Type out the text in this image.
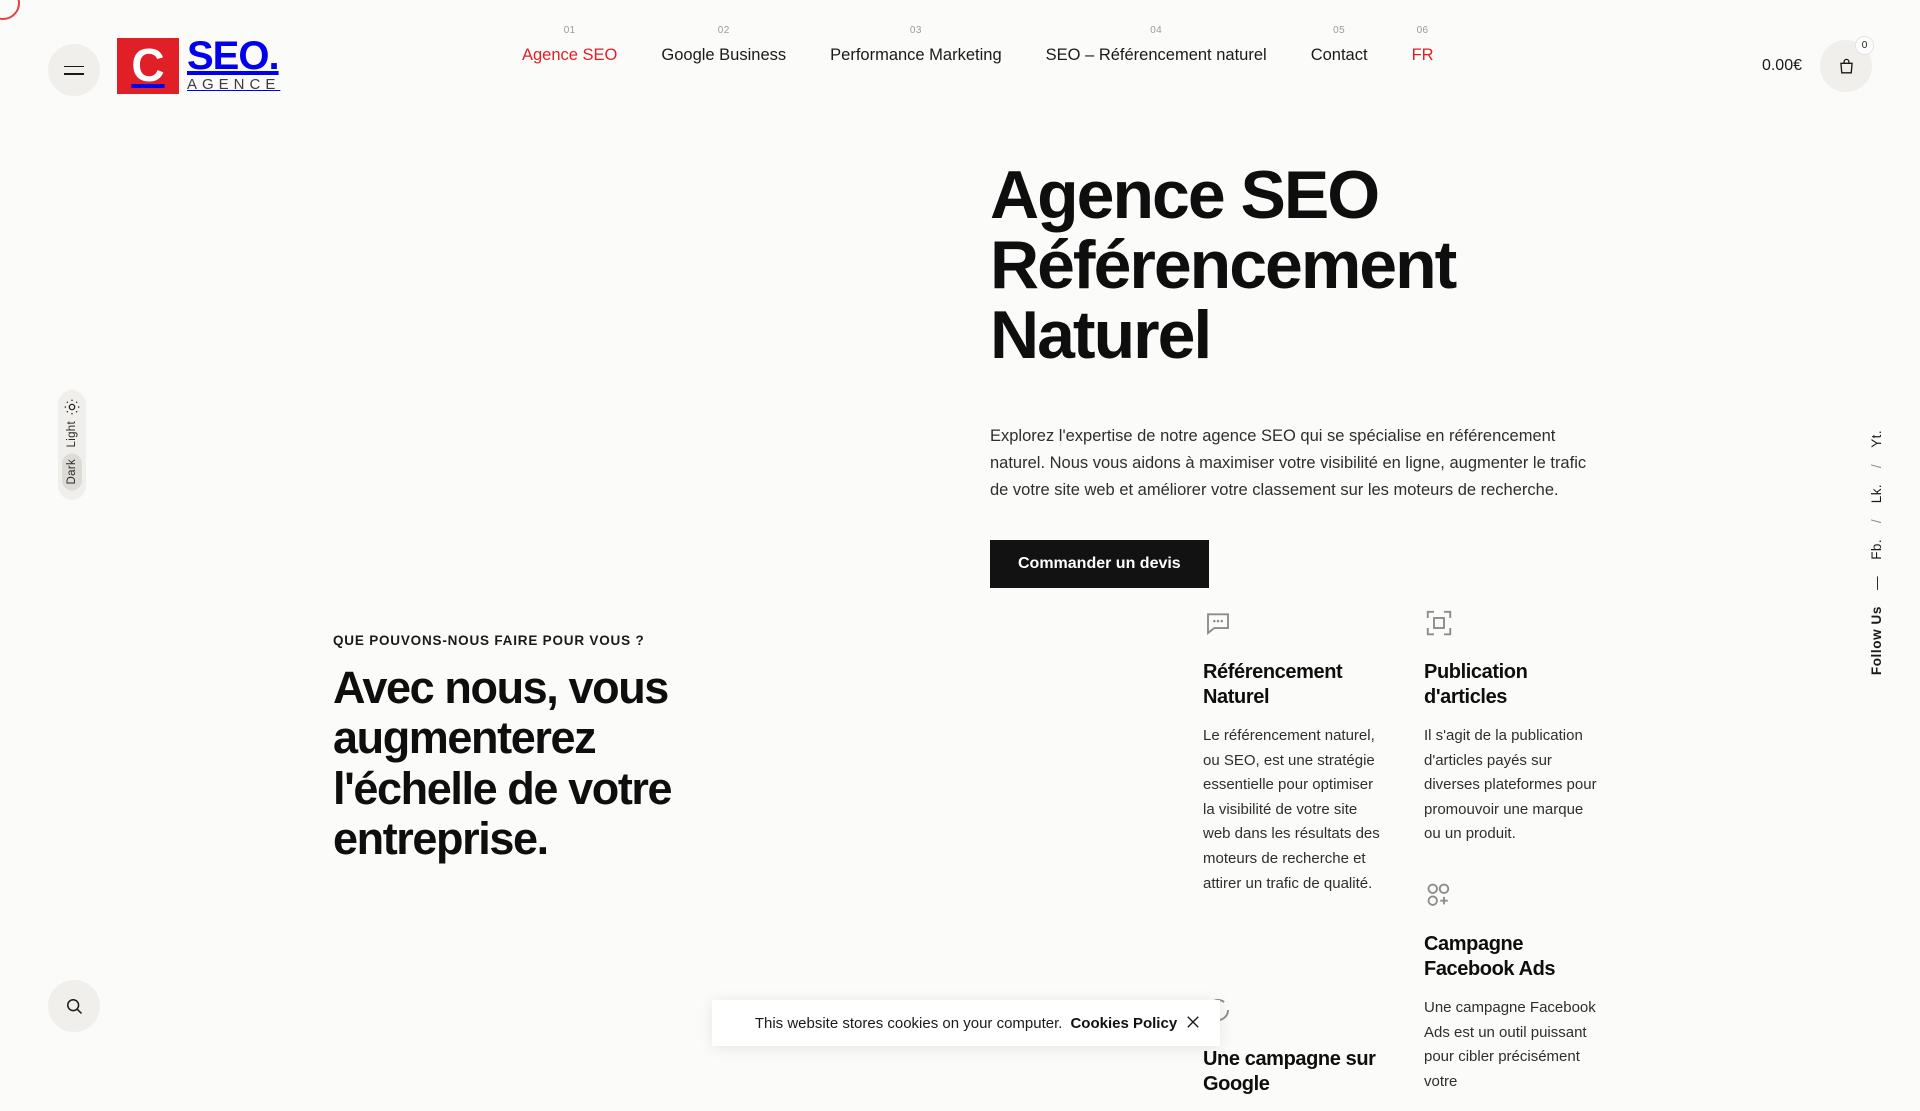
C SEO.
AGENCE
01
Agence SEO
02
Google Business
03
Performance Marketing
04
SEO – Référencement naturel
05
Contact
06
FR
0.00€
0
Light
Dark
Agence SEO Référencement Naturel

Explorez l'expertise de notre agence SEO qui se spécialise en référencement naturel. Nous vous aidons à maximiser votre visibilité en ligne, augmenter le trafic de votre site web et améliorer votre classement sur les moteurs de recherche.

Commander un devis
QUE POUVONS-NOUS FAIRE POUR VOUS ?
Avec nous, vous augmenterez l'échelle de votre entreprise.
Référencement Naturel
Le référencement naturel, ou SEO, est une stratégie essentielle pour optimiser la visibilité de votre site web dans les résultats des moteurs de recherche et attirer un trafic de qualité.
Publication d'articles
Il s'agit de la publication d'articles payés sur diverses plateformes pour promouvoir une marque ou un produit.
Campagne Facebook Ads
Une campagne Facebook Ads est un outil puissant pour cibler précisément votre
Une campagne sur Google
Yt.
/
Lk.
/
Fb.
—
Follow Us
This website stores cookies on your computer. Cookies Policy
